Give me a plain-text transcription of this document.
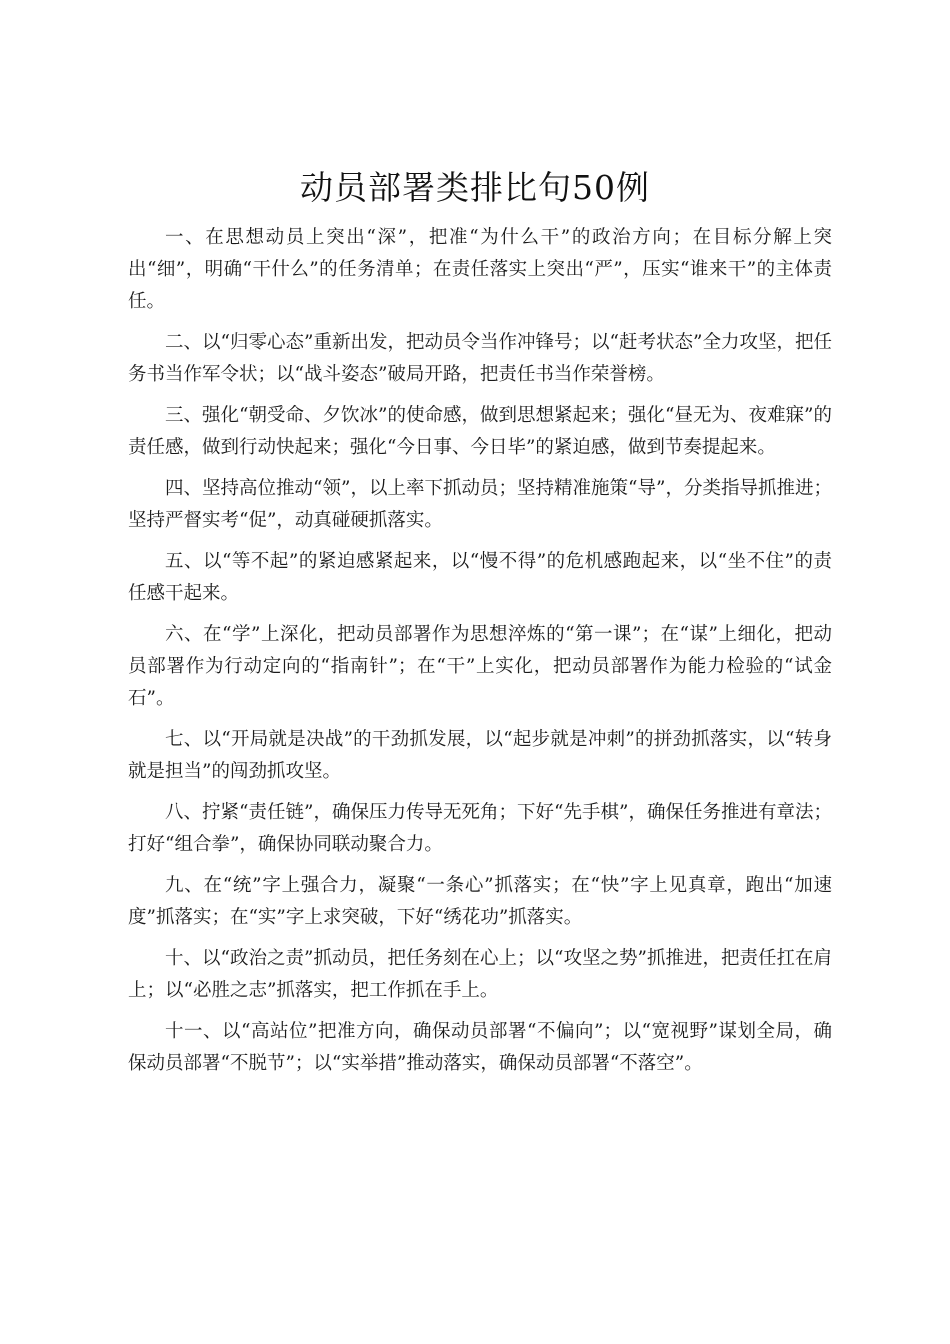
动员部署类排比句50例

一、在思想动员上突出“深”，把准“为什么干”的政治方向；在目标分解上突出“细”，明确“干什么”的任务清单；在责任落实上突出“严”，压实“谁来干”的主体责任。

二、以“归零心态”重新出发，把动员令当作冲锋号；以“赶考状态”全力攻坚，把任务书当作军令状；以“战斗姿态”破局开路，把责任书当作荣誉榜。

三、强化“朝受命、夕饮冰”的使命感，做到思想紧起来；强化“昼无为、夜难寐”的责任感，做到行动快起来；强化“今日事、今日毕”的紧迫感，做到节奏提起来。

四、坚持高位推动“领”，以上率下抓动员；坚持精准施策“导”，分类指导抓推进；坚持严督实考“促”，动真碰硬抓落实。

五、以“等不起”的紧迫感紧起来，以“慢不得”的危机感跑起来，以“坐不住”的责任感干起来。

六、在“学”上深化，把动员部署作为思想淬炼的“第一课”；在“谋”上细化，把动员部署作为行动定向的“指南针”；在“干”上实化，把动员部署作为能力检验的“试金石”。

七、以“开局就是决战”的干劲抓发展，以“起步就是冲刺”的拼劲抓落实，以“转身就是担当”的闯劲抓攻坚。

八、拧紧“责任链”，确保压力传导无死角；下好“先手棋”，确保任务推进有章法；打好“组合拳”，确保协同联动聚合力。

九、在“统”字上强合力，凝聚“一条心”抓落实；在“快”字上见真章，跑出“加速度”抓落实；在“实”字上求突破，下好“绣花功”抓落实。

十、以“政治之责”抓动员，把任务刻在心上；以“攻坚之势”抓推进，把责任扛在肩上；以“必胜之志”抓落实，把工作抓在手上。

十一、以“高站位”把准方向，确保动员部署“不偏向”；以“宽视野”谋划全局，确保动员部署“不脱节”；以“实举措”推动落实，确保动员部署“不落空”。
